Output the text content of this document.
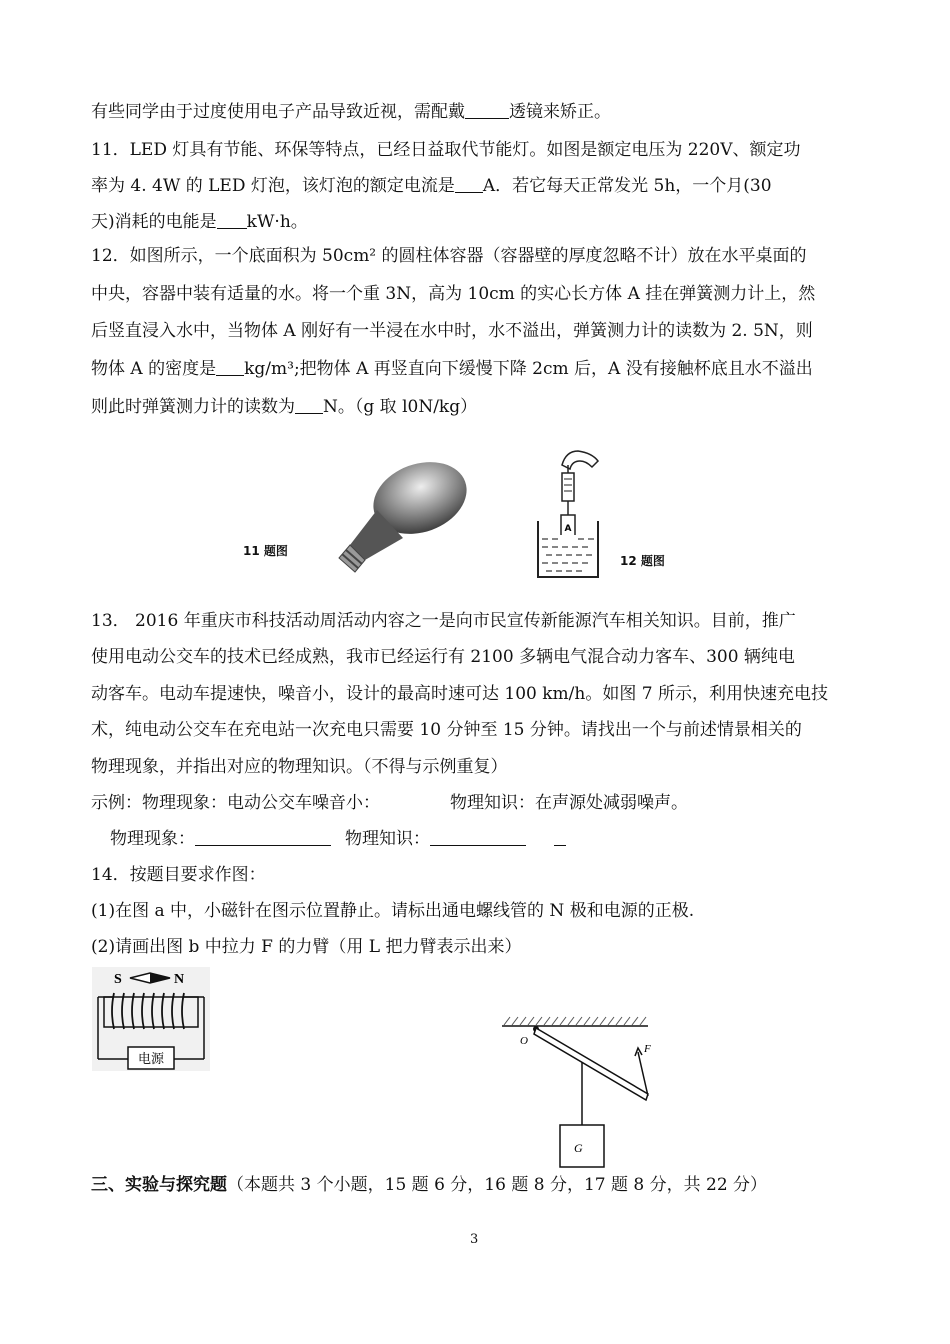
有些同学由于过度使用电子产品导致近视，需配戴	透镜来矫正。
11．LED 灯具有节能、环保等特点，已经日益取代节能灯。如图是额定电压为 220V、额定功
率为 4. 4W 的 LED 灯泡，该灯泡的额定电流是 A．若它每天正常发光 5h，一个月(30
天)消耗的电能是 kW·h。
12．如图所示，一个底面积为 50cm² 的圆柱体容器（容器壁的厚度忽略不计）放在水平桌面的
中央，容器中装有适量的水。将一个重 3N，高为 10cm 的实心长方体 A 挂在弹簧测力计上，然
后竖直浸入水中，当物体 A 刚好有一半浸在水中时，水不溢出，弹簧测力计的读数为 2. 5N，则
物体 A 的密度是 kg/m³;把物体 A 再竖直向下缓慢下降 2cm 后，A 没有接触杯底且水不溢出
则此时弹簧测力计的读数为 N。（g 取 l0N/kg）
11 题图
A
12 题图
13． 2016 年重庆市科技活动周活动内容之一是向市民宣传新能源汽车相关知识。目前，推广
使用电动公交车的技术已经成熟，我市已经运行有 2100 多辆电气混合动力客车、300 辆纯电
动客车。电动车提速快，噪音小，设计的最高时速可达 100 km/h。如图 7 所示，利用快速充电技
术，纯电动公交车在充电站一次充电只需要 10 分钟至 15 分钟。请找出一个与前述情景相关的
物理现象，并指出对应的物理知识。（不得与示例重复）
示例：物理现象：电动公交车噪音小：	物理知识：在声源处减弱噪声。
物理现象：	物理知识：
14．按题目要求作图：
(1)在图 a 中，小磁针在图示位置静止。请标出通电螺线管的 N 极和电源的正极.
(2)请画出图 b 中拉力 F 的力臂（用 L 把力臂表示出来）
S	N
电源
O
F
G
三、实验与探究题（本题共 3 个小题，15 题 6 分，16 题 8 分，17 题 8 分，共 22 分）
3
